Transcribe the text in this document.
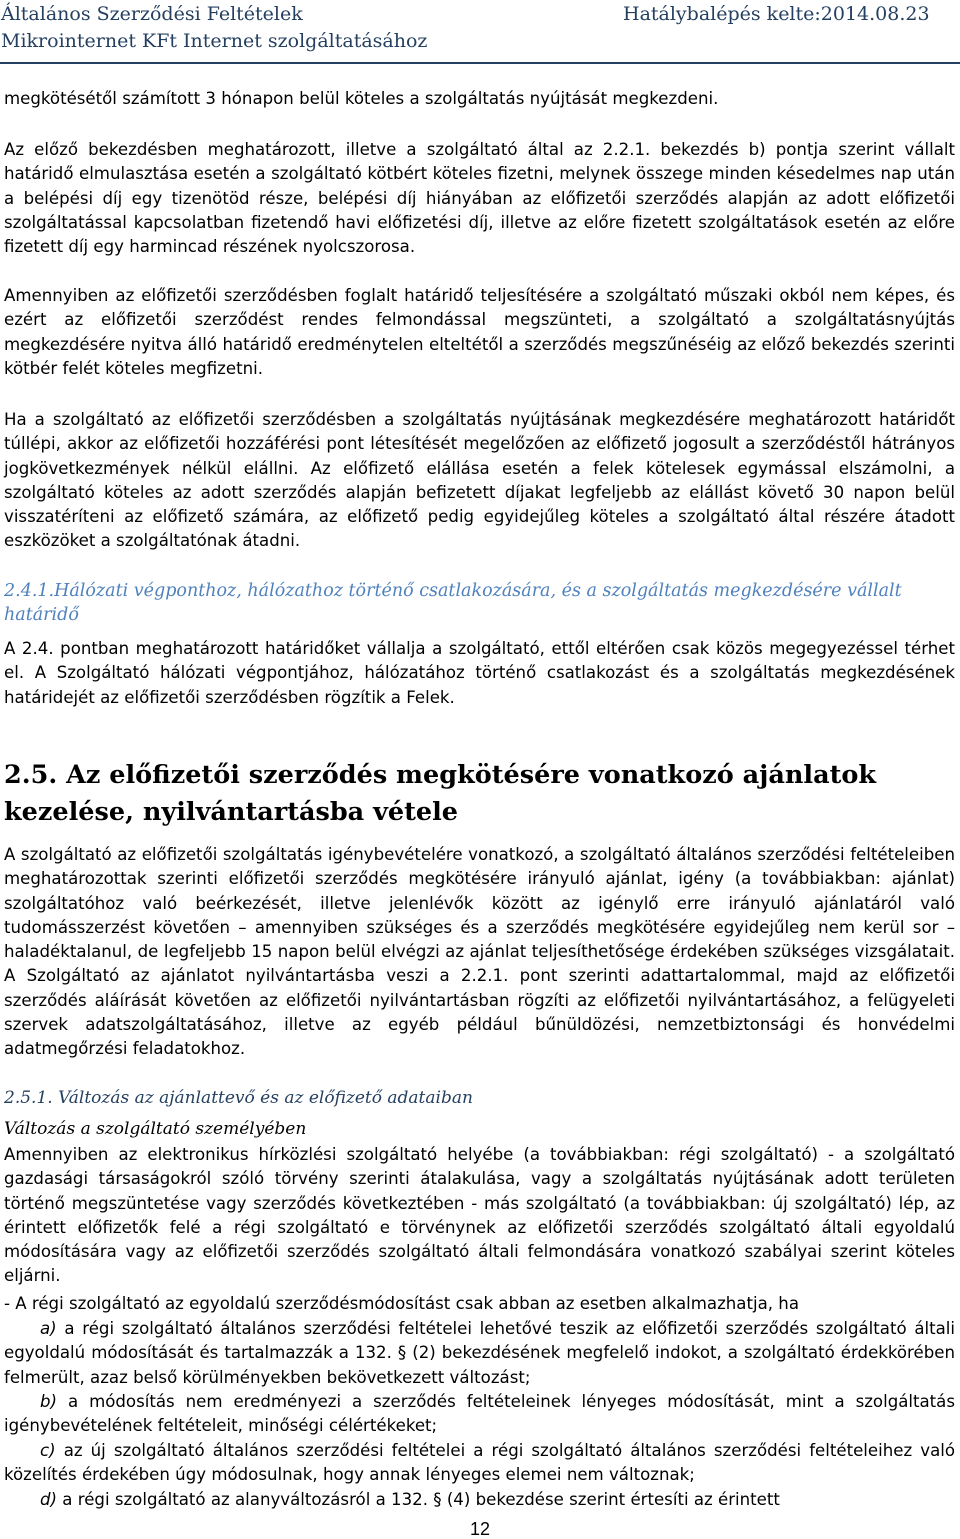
Általános Szerződési Feltételek
Mikrointernet KFt Internet szolgáltatásához
Hatálybalépés kelte:2014.08.23

megkötésétől számított 3 hónapon belül köteles a szolgáltatás nyújtását megkezdeni.

Az előző bekezdésben meghatározott, illetve a szolgáltató által az 2.2.1. bekezdés b) pontja szerint vállalt határidő elmulasztása esetén a szolgáltató kötbért köteles fizetni, melynek összege minden késedelmes nap után a belépési díj egy tizenötöd része, belépési díj hiányában az előfizetői szerződés alapján az adott előfizetői szolgáltatással kapcsolatban fizetendő havi előfizetési díj, illetve az előre fizetett szolgáltatások esetén az előre fizetett díj egy harmincad részének nyolcszorosa.

Amennyiben az előfizetői szerződésben foglalt határidő teljesítésére a szolgáltató műszaki okból nem képes, és ezért az előfizetői szerződést rendes felmondással megszünteti, a szolgáltató a szolgáltatásnyújtás megkezdésére nyitva álló határidő eredménytelen elteltétől a szerződés megszűnéséig az előző bekezdés szerinti kötbér felét köteles megfizetni.

Ha a szolgáltató az előfizetői szerződésben a szolgáltatás nyújtásának megkezdésére meghatározott határidőt túllépi, akkor az előfizetői hozzáférési pont létesítését megelőzően az előfizető jogosult a szerződéstől hátrányos jogkövetkezmények nélkül elállni. Az előfizető elállása esetén a felek kötelesek egymással elszámolni, a szolgáltató köteles az adott szerződés alapján befizetett díjakat legfeljebb az elállást követő 30 napon belül visszatéríteni az előfizető számára, az előfizető pedig egyidejűleg köteles a szolgáltató által részére átadott eszközöket a szolgáltatónak átadni.

2.4.1.Hálózati végponthoz, hálózathoz történő csatlakozására, és a szolgáltatás megkezdésére vállalt határidő

A 2.4. pontban meghatározott határidőket vállalja a szolgáltató, ettől eltérően csak közös megegyezéssel térhet el. A Szolgáltató hálózati végpontjához, hálózatához történő csatlakozást és a szolgáltatás megkezdésének határidejét az előfizetői szerződésben rögzítik a Felek.

2.5. Az előfizetői szerződés megkötésére vonatkozó ajánlatok kezelése, nyilvántartásba vétele

A szolgáltató az előfizetői szolgáltatás igénybevételére vonatkozó, a szolgáltató általános szerződési feltételeiben meghatározottak szerinti előfizetői szerződés megkötésére irányuló ajánlat, igény (a továbbiakban: ajánlat) szolgáltatóhoz való beérkezését, illetve jelenlévők között az igénylő erre irányuló ajánlatáról való tudomásszerzést követően – amennyiben szükséges és a szerződés megkötésére egyidejűleg nem kerül sor – haladéktalanul, de legfeljebb 15 napon belül elvégzi az ajánlat teljesíthetősége érdekében szükséges vizsgálatait. A Szolgáltató az ajánlatot nyilvántartásba veszi a 2.2.1. pont szerinti adattartalommal, majd az előfizetői szerződés aláírását követően az előfizetői nyilvántartásban rögzíti az előfizetői nyilvántartásához, a felügyeleti szervek adatszolgáltatásához, illetve az egyéb például bűnüldözési, nemzetbiztonsági és honvédelmi adatmegőrzési feladatokhoz.

2.5.1. Változás az ajánlattevő és az előfizető adataiban

Változás a szolgáltató személyében

Amennyiben az elektronikus hírközlési szolgáltató helyébe (a továbbiakban: régi szolgáltató) - a szolgáltató gazdasági társaságokról szóló törvény szerinti átalakulása, vagy a szolgáltatás nyújtásának adott területen történő megszüntetése vagy szerződés következtében - más szolgáltató (a továbbiakban: új szolgáltató) lép, az érintett előfizetők felé a régi szolgáltató e törvénynek az előfizetői szerződés szolgáltató általi egyoldalú módosítására vagy az előfizetői szerződés szolgáltató általi felmondására vonatkozó szabályai szerint köteles eljárni.

- A régi szolgáltató az egyoldalú szerződésmódosítást csak abban az esetben alkalmazhatja, ha

a) a régi szolgáltató általános szerződési feltételei lehetővé teszik az előfizetői szerződés szolgáltató általi egyoldalú módosítását és tartalmazzák a 132. § (2) bekezdésének megfelelő indokot, a szolgáltató érdekkörében felmerült, azaz belső körülményekben bekövetkezett változást;

b) a módosítás nem eredményezi a szerződés feltételeinek lényeges módosítását, mint a szolgáltatás igénybevételének feltételeit, minőségi célértékeket;

c) az új szolgáltató általános szerződési feltételei a régi szolgáltató általános szerződési feltételeihez való közelítés érdekében úgy módosulnak, hogy annak lényeges elemei nem változnak;

d) a régi szolgáltató az alanyváltozásról a 132. § (4) bekezdése szerint értesíti az érintett

12
